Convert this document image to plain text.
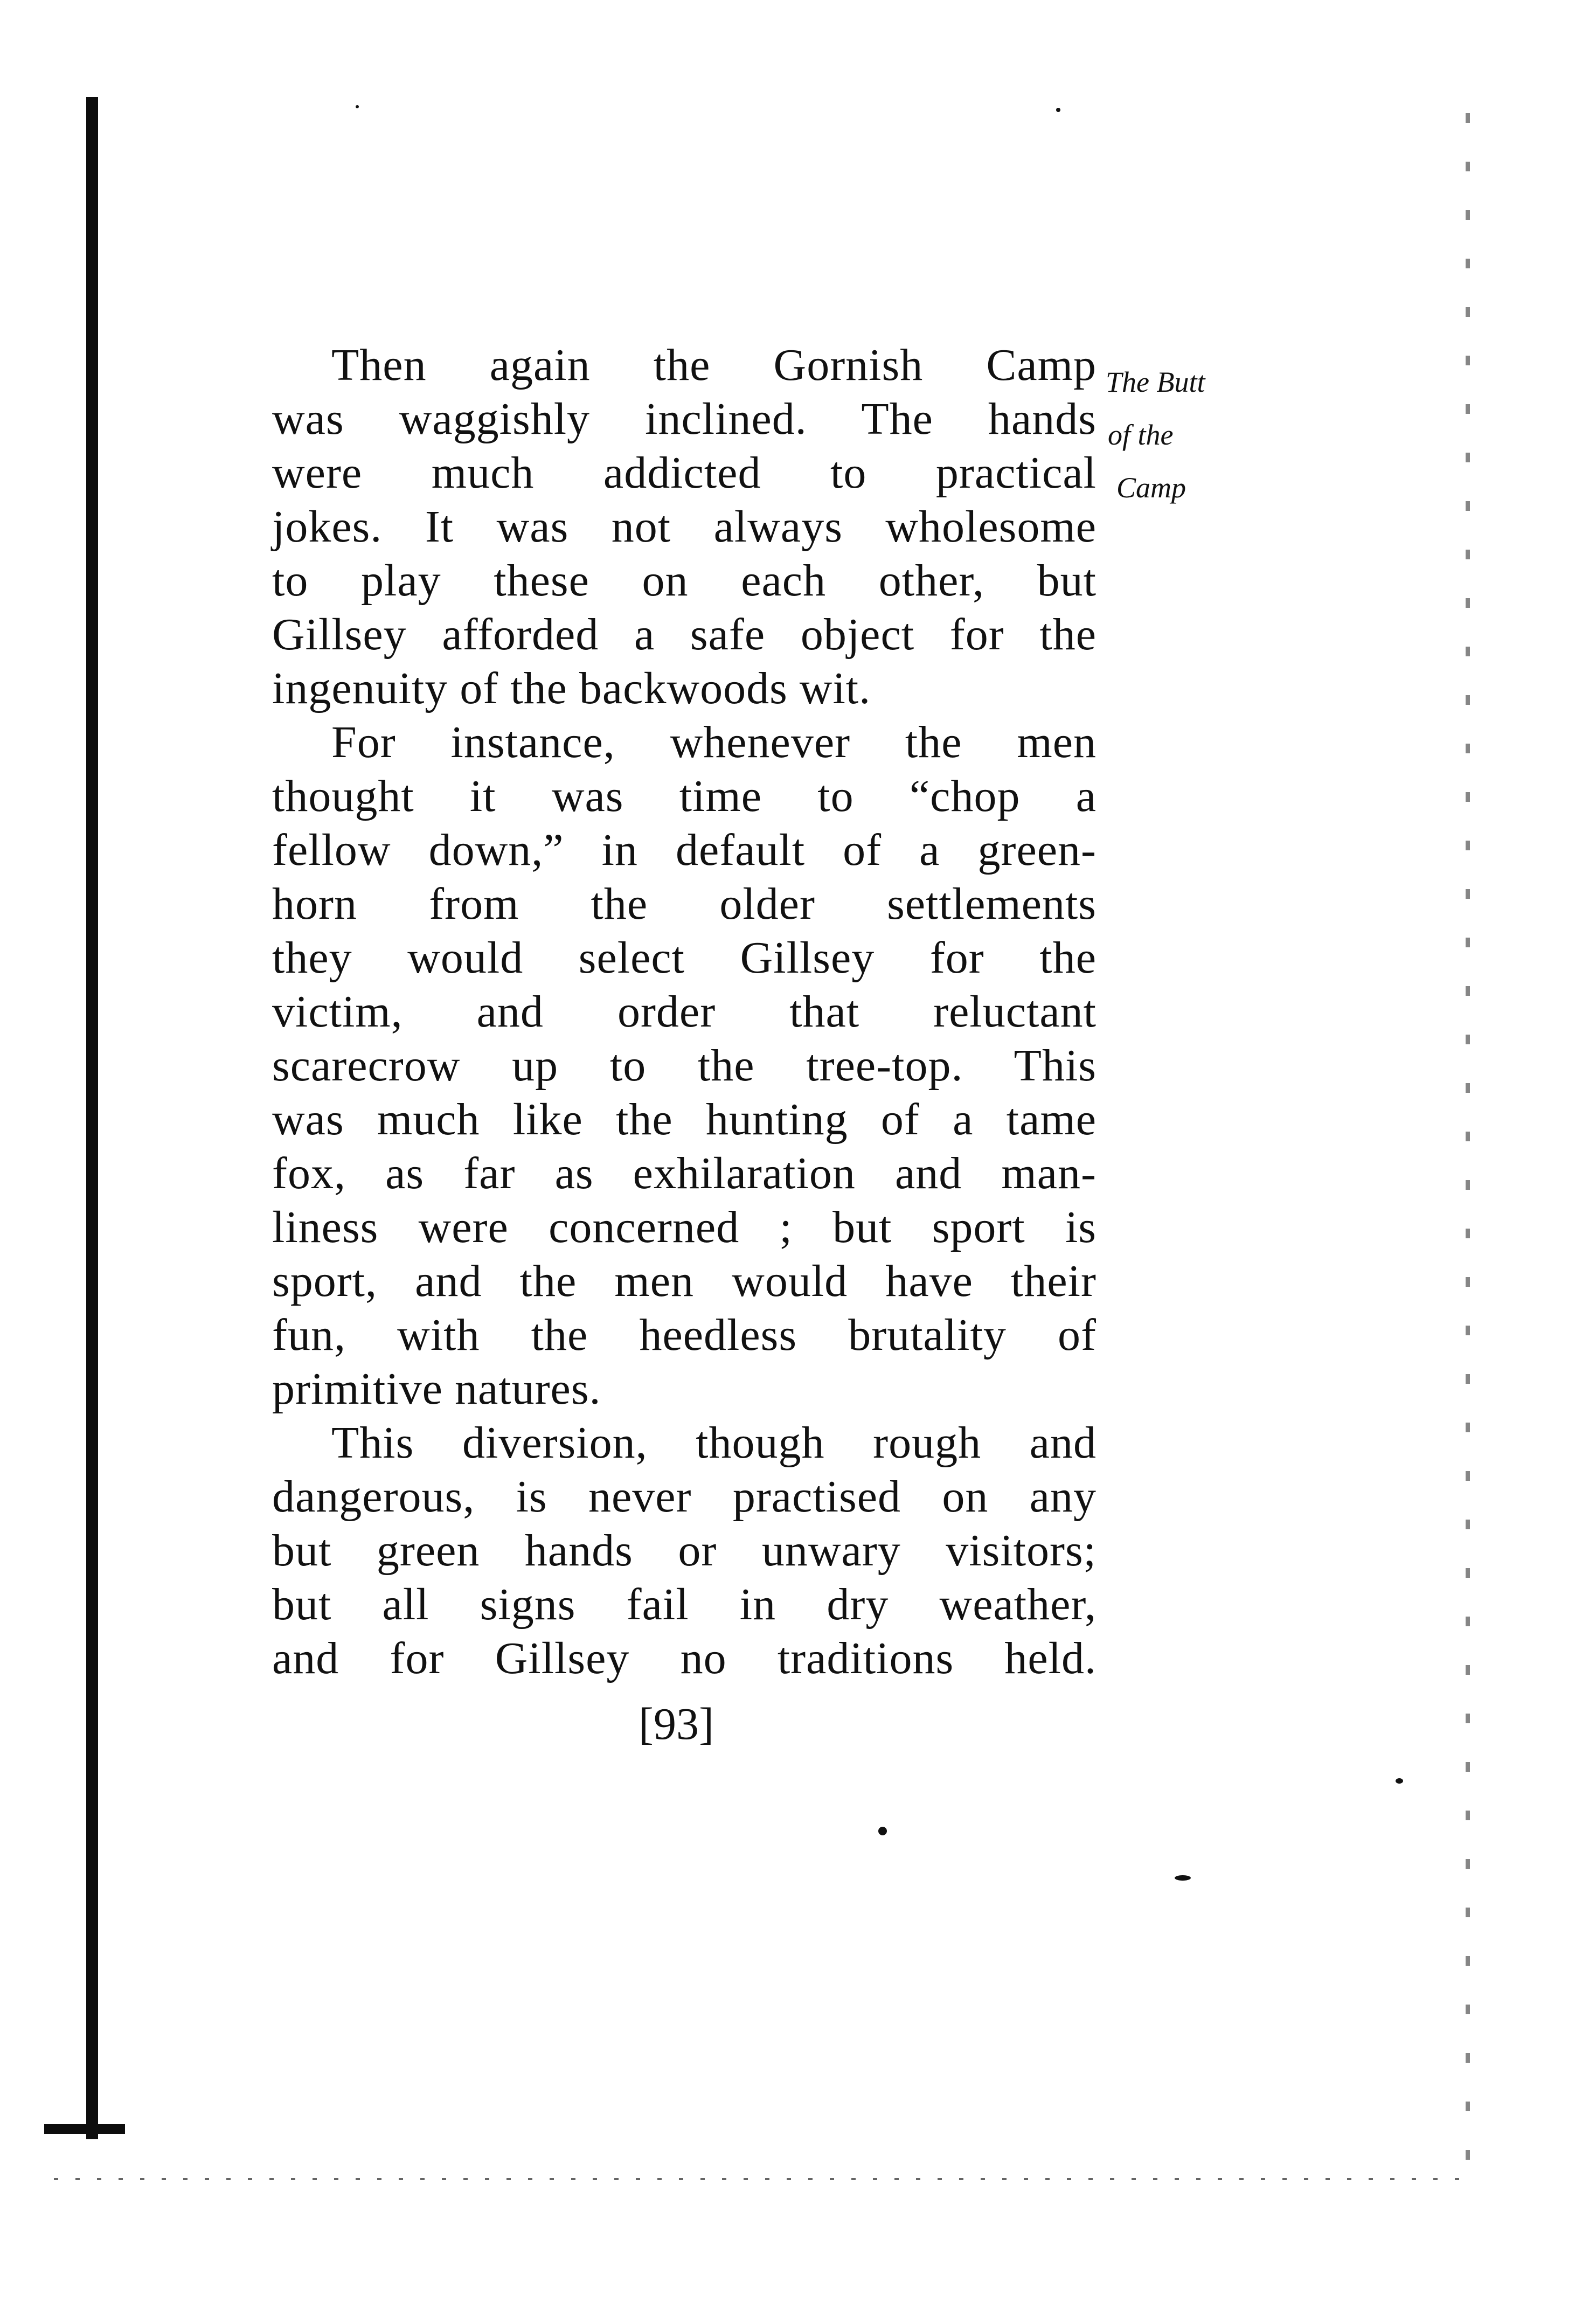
The Butt
of the
Camp
Then again the Gornish Camp
was waggishly inclined. The hands
were much addicted to practical
jokes. It was not always wholesome
to play these on each other, but
Gillsey afforded a safe object for the
ingenuity of the backwoods wit.
For instance, whenever the men
thought it was time to “chop a
fellow down,” in default of a green-
horn from the older settlements
they would select Gillsey for the
victim, and order that reluctant
scarecrow up to the tree-top. This
was much like the hunting of a tame
fox, as far as exhilaration and man-
liness were concerned ; but sport is
sport, and the men would have their
fun, with the heedless brutality of
primitive natures.
This diversion, though rough and
dangerous, is never practised on any
but green hands or unwary visitors;
but all signs fail in dry weather,
and for Gillsey no traditions held.
[93]
